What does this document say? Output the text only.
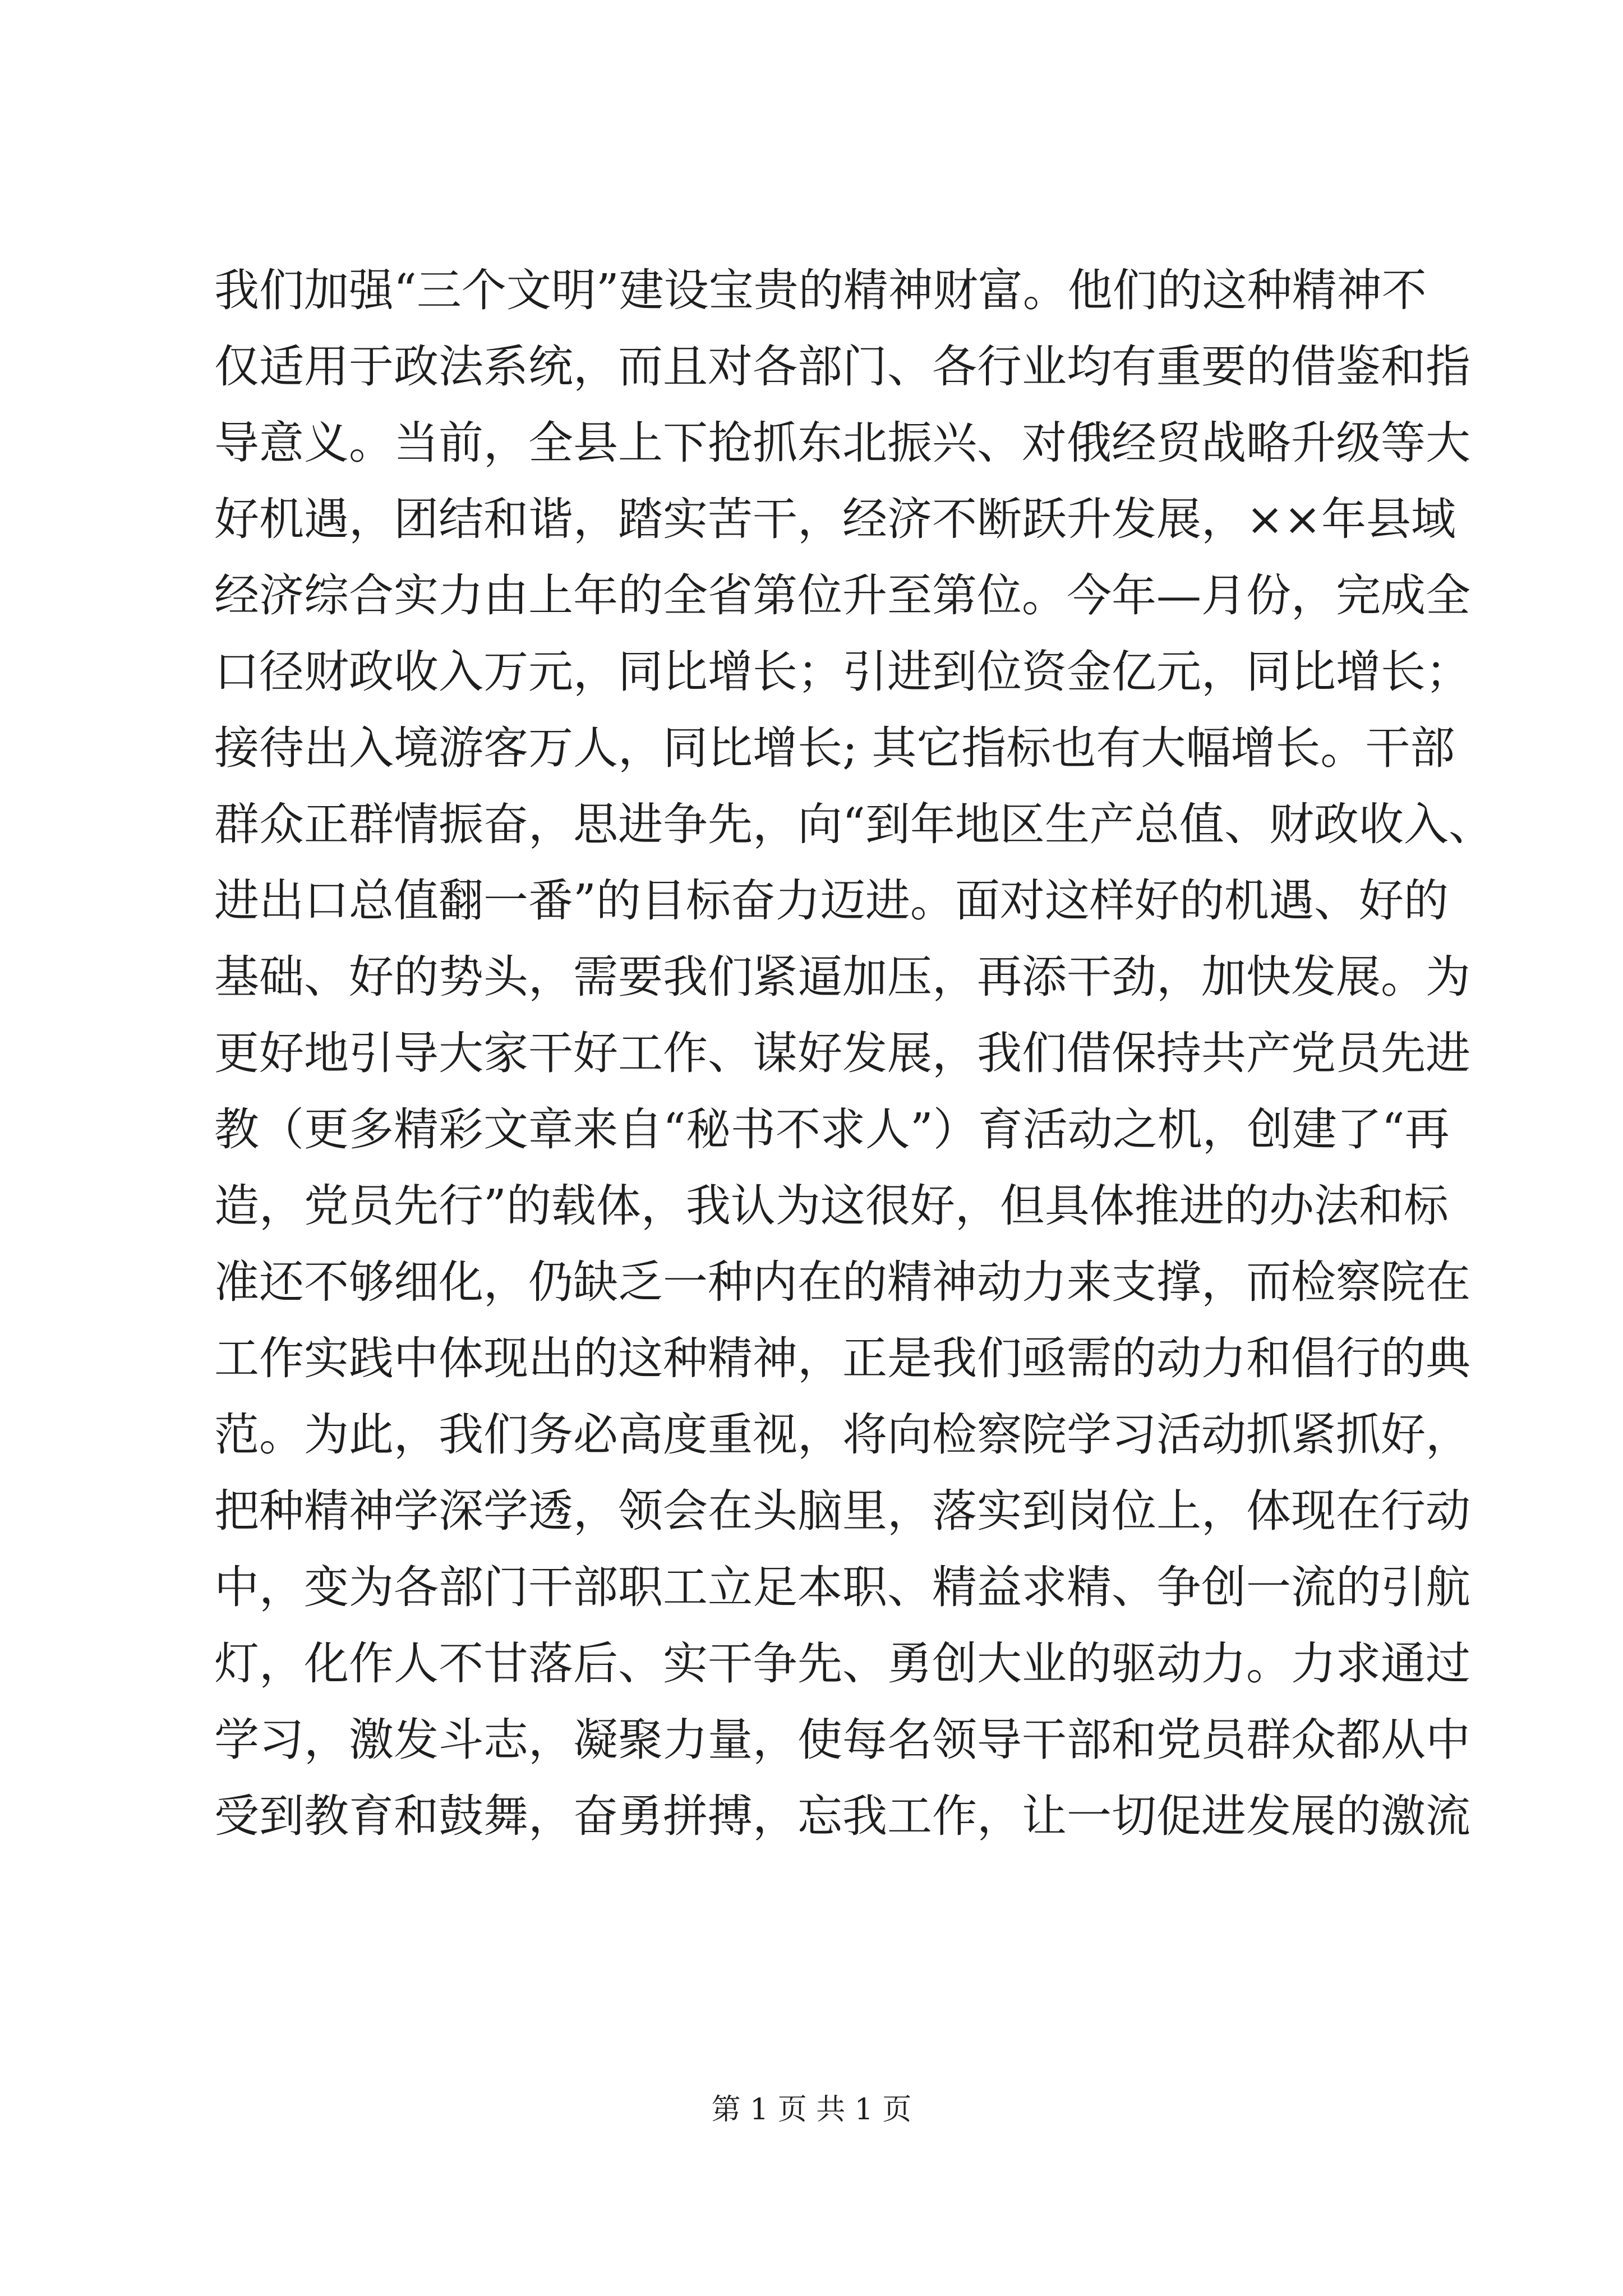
我们加强“三个文明”建设宝贵的精神财富。他们的这种精神不
仅适用于政法系统，而且对各部门、各行业均有重要的借鉴和指
导意义。当前，全县上下抢抓东北振兴、对俄经贸战略升级等大
好机遇，团结和谐，踏实苦干，经济不断跃升发展，××年县域
经济综合实力由上年的全省第位升至第位。今年—月份，完成全
口径财政收入万元，同比增长；引进到位资金亿元，同比增长；
接待出入境游客万人，同比增长; 其它指标也有大幅增长。干部
群众正群情振奋，思进争先，向“到年地区生产总值、财政收入、
进出口总值翻一番”的目标奋力迈进。面对这样好的机遇、好的
基础、好的势头，需要我们紧逼加压，再添干劲，加快发展。为
更好地引导大家干好工作、谋好发展，我们借保持共产党员先进
教（更多精彩文章来自“秘书不求人”）育活动之机，创建了“再
造，党员先行”的载体，我认为这很好，但具体推进的办法和标
准还不够细化，仍缺乏一种内在的精神动力来支撑，而检察院在
工作实践中体现出的这种精神，正是我们亟需的动力和倡行的典
范。为此，我们务必高度重视，将向检察院学习活动抓紧抓好，
把种精神学深学透，领会在头脑里，落实到岗位上，体现在行动
中，变为各部门干部职工立足本职、精益求精、争创一流的引航
灯，化作人不甘落后、实干争先、勇创大业的驱动力。力求通过
学习，激发斗志，凝聚力量，使每名领导干部和党员群众都从中
受到教育和鼓舞，奋勇拼搏，忘我工作，让一切促进发展的激流
第 1 页 共 1 页
